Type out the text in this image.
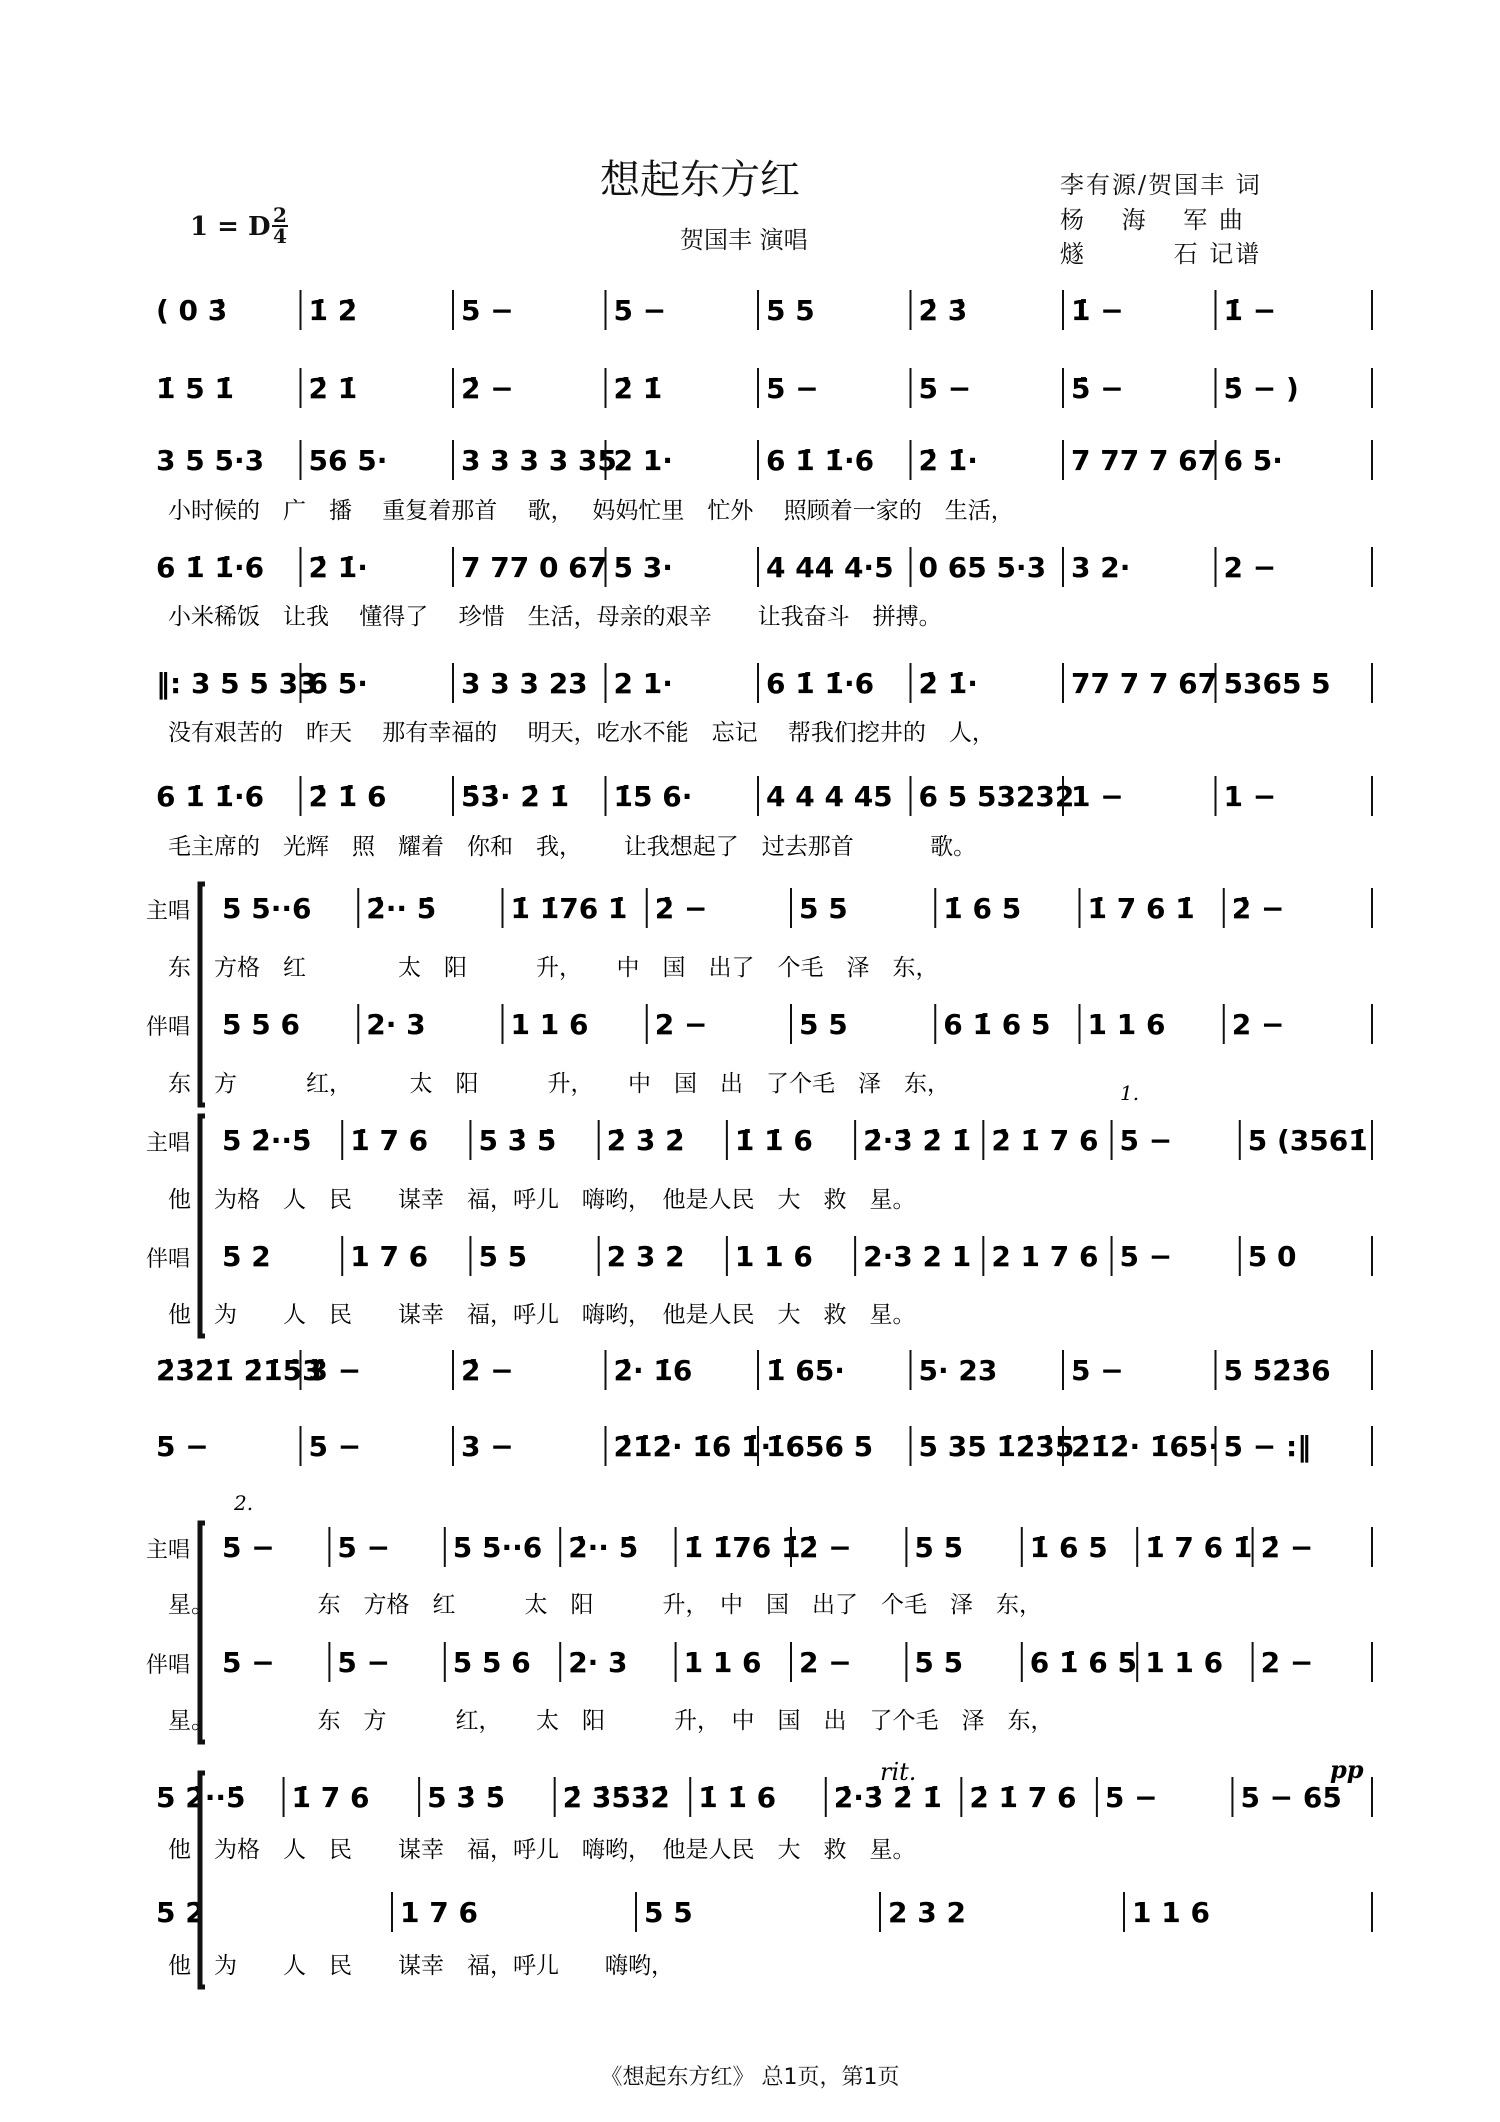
想起东方红
贺国丰 演唱
1 = D 2
4
李有源/贺国丰 词
杨　 海　 军 曲
燧　　　 石 记谱
( 0 3̇	1̇ 2̇	5 −	5 −	5 5	2̇ 3̇	1̇ −	1̇ −
1̇ 5 1̇	2̇ 1̇	2̇ −	2̇ 1̇	5 −	5 −	5̇ −	5̇ − )
3 5 5·3 56 5·	3 3 3 3 35
2 1·	6 1̇ 1̇·6 2̇ 1̇·	7 77 7 67 6 5·
小时候的　广　播　 重复着那首　 歌，　 妈妈忙里　忙外　 照顾着一家的　生活，
6 1̇ 1̇·6 2̇ 1̇·	7 77 0 67 5 3·	4 44 4·5 0 65 5·3 3 2·	2 −
小米稀饭　让我　 懂得了　 珍惜　生活，母亲的艰辛　　让我奋斗　拼搏。
‖: 3 5 5 33
6 5·	3 3 3 23 2 1·	6 1̇ 1̇·6 2̇ 1̇·	77 7 7 67 5365 5
没有艰苦的　昨天　 那有幸福的　 明天，吃水不能　忘记　 帮我们挖井的　人，
6 1̇ 1̇·6 2̇ 1̇ 6	5̇3̇· 2̇ 1̇ 1̇5 6·	4 4 4 45 6 5 53232
1 −	1 −
毛主席的　光辉　照　耀着　你和　我，　　 让我想起了　过去那首　　　 歌。
主唱 5 5··6 2̇·· 5̇	1̇ 1̇76 1̇ 2̇ −	5 5	1̇ 6 5 1̇ 7 6 1̇ 2̇ −
东　方格　红　　　　太　阳　　　升，　　中　国　出了　个毛　泽　东，
伴唱 5 5 6 2· 3	1 1 6 2 −	5 5	6 1̇ 6 5 1 1 6 2 −
东　方　　　红，　　　太　阳　　　升，　　中　国　出　了个毛　泽　东，
主唱 5 2̇··5̇ 1̇ 7 6 5 3̇ 5̇ 2̇ 3̇ 2̇ 1̇ 1̇ 6 2̇·3̇ 2̇ 1̇ 2̇ 1̇ 7 6 5 −	5 (3561̇
他　为格　人　民　　谋幸　福，呼儿　嗨哟，　他是人民　大　救　星。
伴唱 5 2	1 7 6 5 5	2 3 2 1 1 6 2·3 2 1 2 1 7 6 5 −	5 0
他　为　　人　民　　谋幸　福，呼儿　嗨哟，　他是人民　大　救　星。
2̇3̇2̇1̇ 2̇1̇5̇3̇
3̇ −	2̇ −	2̇· 1̇6	1̇ 65·	5· 23	5 −	5 5̇2̇3̇6
5 −	5 −	3 −	2̇1̇2̇· 1̇6 1̇·
1̇656 5 5 35 1̇2̇3̇5
2̇1̇2̇· 1̇65· 5 − :‖
主唱 5 − 5 − 5 5··6 2̇·· 5̇ 1̇ 1̇76 1̇
2̇ − 5 5 1̇ 6 5 1̇ 7 6 1̇ 2̇ −
星。　　　　　东　方格　红　　　太　阳　　　升，　中　国　出了　个毛　泽　东，
伴唱 5 − 5 − 5 5 6 2· 3 1 1 6 2 − 5 5 6 1̇ 6 5 1 1 6 2 −
星。　　　　　东　方　　　红，　　太　阳　　　升，　中　国　出　了个毛　泽　东，
5 2̇··5̇ 1̇ 7 6 5 3̇ 5̇ 2̇ 3̇5̇3̇2̇ 1̇ 1̇ 6 2̇·3̇ 2̇ 1̇ 2̇ 1̇ 7 6 5 −	5 − 65
他　为格　人　民　　谋幸　福，呼儿　嗨哟，　他是人民　大　救　星。
5 2	1 7 6	5 5	2 3 2	1 1 6
他　为　　人　民　　谋幸　福，呼儿　　嗨哟，
1.
2.
rit.	pp
《想起东方红》 总1页，第1页
